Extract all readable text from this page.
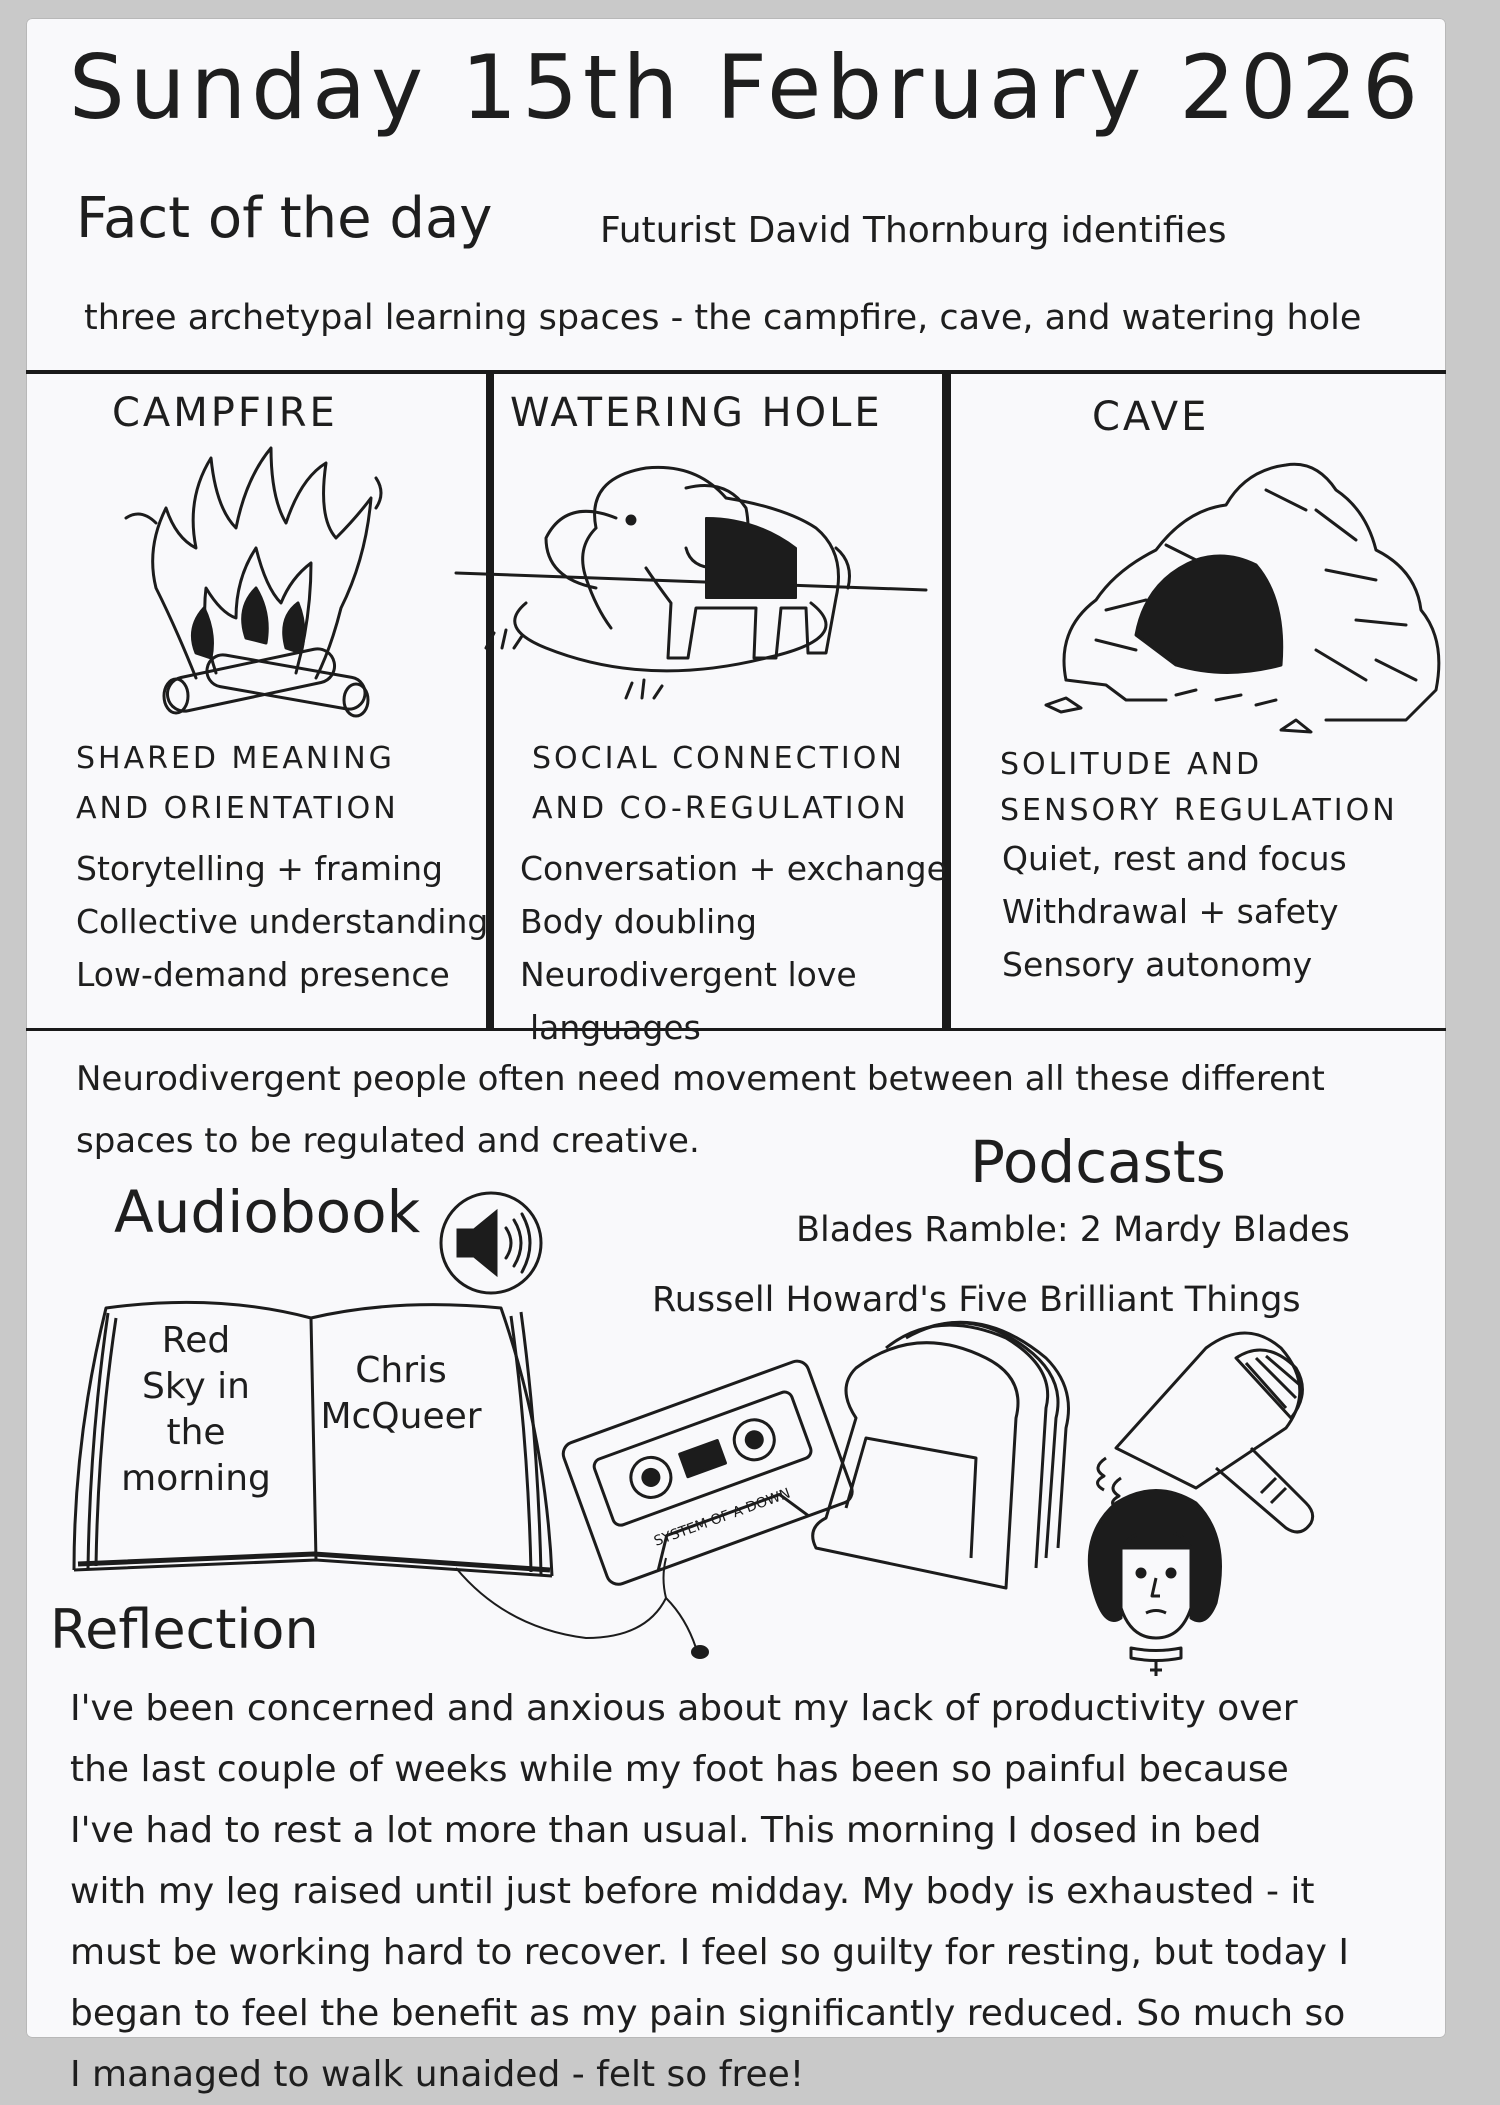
Sunday 15th February 2026
Fact of the day	Futurist David Thornburg identifies
three archetypal learning spaces - the campfire, cave, and watering hole
CAMPFIRE
SHARED MEANING
AND ORIENTATION
Storytelling + framing
Collective understanding
Low-demand presence
WATERING HOLE
SOCIAL CONNECTION
AND CO-REGULATION
Conversation + exchange
Body doubling
Neurodivergent love
languages
CAVE
SOLITUDE AND
SENSORY REGULATION
Quiet, rest and focus
Withdrawal + safety
Sensory autonomy
Neurodivergent people often need movement between all these different
spaces to be regulated and creative.
Audiobook
Red
Sky in
the
morning
Chris
McQueer
Podcasts
Blades Ramble: 2 Mardy Blades
Russell Howard's Five Brilliant Things
SYSTEM OF A DOWN
Reflection
I've been concerned and anxious about my lack of productivity over
the last couple of weeks while my foot has been so painful because
I've had to rest a lot more than usual. This morning I dosed in bed
with my leg raised until just before midday. My body is exhausted - it
must be working hard to recover. I feel so guilty for resting, but today I
began to feel the benefit as my pain significantly reduced. So much so
I managed to walk unaided - felt so free!
